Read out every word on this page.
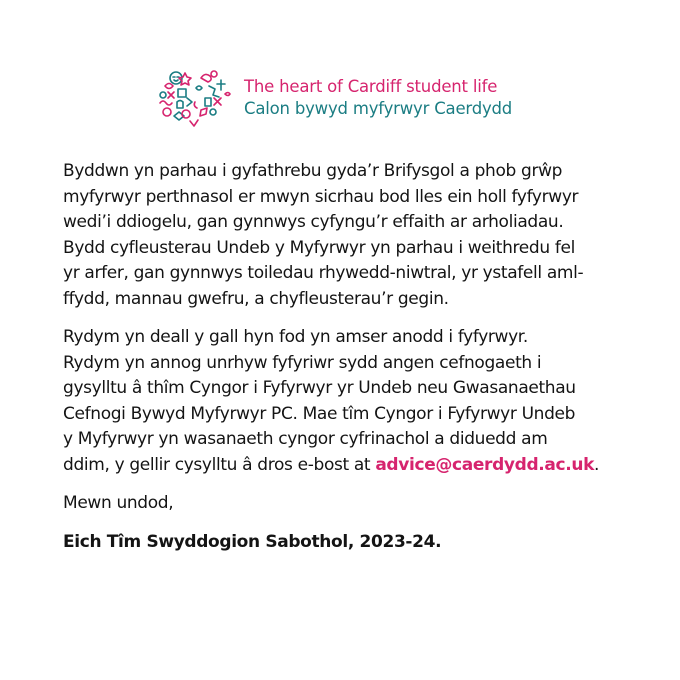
The heart of Cardiff student life
Calon bywyd myfyrwyr Caerdydd

Byddwn yn parhau i gyfathrebu gyda’r Brifysgol a phob grŵp
myfyrwyr perthnasol er mwyn sicrhau bod lles ein holl fyfyrwyr
wedi’i ddiogelu, gan gynnwys cyfyngu’r effaith ar arholiadau.
Bydd cyfleusterau Undeb y Myfyrwyr yn parhau i weithredu fel
yr arfer, gan gynnwys toiledau rhywedd-niwtral, yr ystafell aml-
ffydd, mannau gwefru, a chyfleusterau’r gegin.

Rydym yn deall y gall hyn fod yn amser anodd i fyfyrwyr.
Rydym yn annog unrhyw fyfyriwr sydd angen cefnogaeth i
gysylltu â thîm Cyngor i Fyfyrwyr yr Undeb neu Gwasanaethau
Cefnogi Bywyd Myfyrwyr PC. Mae tîm Cyngor i Fyfyrwyr Undeb
y Myfyrwyr yn wasanaeth cyngor cyfrinachol a diduedd am
ddim, y gellir cysylltu â dros e-bost at advice@caerdydd.ac.uk.

Mewn undod,

Eich Tîm Swyddogion Sabothol, 2023-24.
